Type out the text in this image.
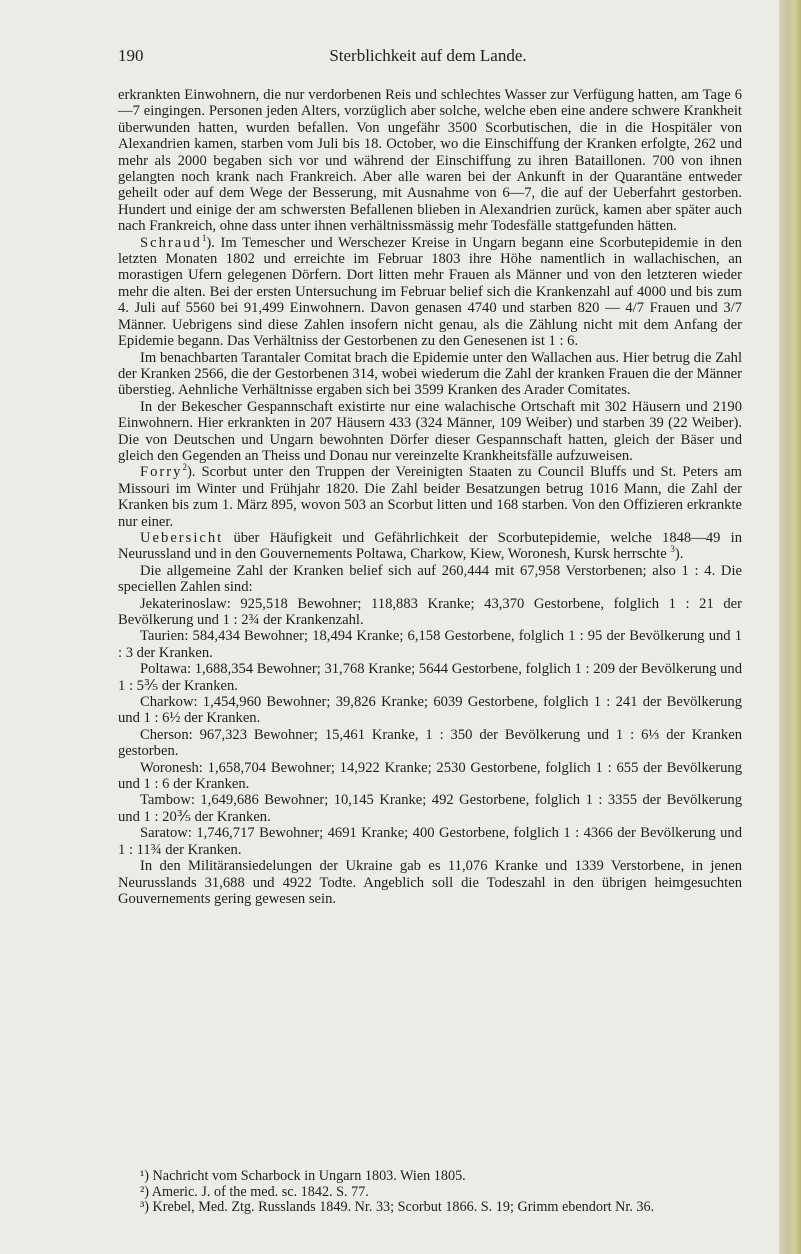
190	Sterblichkeit auf dem Lande.

erkrankten Einwohnern, die nur verdorbenen Reis und schlechtes Wasser zur Verfügung hatten, am Tage 6—7 eingingen. Personen jeden Alters, vorzüglich aber solche, welche eben eine andere schwere Krankheit überwunden hatten, wurden befallen. Von ungefähr 3500 Scorbutischen, die in die Hospitäler von Alexandrien kamen, starben vom Juli bis 18. October, wo die Einschiffung der Kranken erfolgte, 262 und mehr als 2000 begaben sich vor und während der Einschiffung zu ihren Bataillonen. 700 von ihnen gelangten noch krank nach Frankreich. Aber alle waren bei der Ankunft in der Quarantäne entweder geheilt oder auf dem Wege der Besserung, mit Ausnahme von 6—7, die auf der Ueberfahrt gestorben. Hundert und einige der am schwersten Befallenen blieben in Alexandrien zurück, kamen aber später auch nach Frankreich, ohne dass unter ihnen verhältnissmässig mehr Todesfälle stattgefunden hätten.

Schraud$^1$). Im Temescher und Werschezer Kreise in Ungarn begann eine Scorbutepidemie in den letzten Monaten 1802 und erreichte im Februar 1803 ihre Höhe namentlich in wallachischen, an morastigen Ufern gelegenen Dörfern. Dort litten mehr Frauen als Männer und von den letzteren wieder mehr die alten. Bei der ersten Untersuchung im Februar belief sich die Krankenzahl auf 4000 und bis zum 4. Juli auf 5560 bei 91,499 Einwohnern. Davon genasen 4740 und starben 820 — 4/7 Frauen und 3/7 Männer. Uebrigens sind diese Zahlen insofern nicht genau, als die Zählung nicht mit dem Anfang der Epidemie begann. Das Verhältniss der Gestorbenen zu den Genesenen ist 1 : 6.

Im benachbarten Tarantaler Comitat brach die Epidemie unter den Wallachen aus. Hier betrug die Zahl der Kranken 2566, die der Gestorbenen 314, wobei wiederum die Zahl der kranken Frauen die der Männer überstieg. Aehnliche Verhältnisse ergaben sich bei 3599 Kranken des Arader Comitates.

In der Bekescher Gespannschaft existirte nur eine walachische Ortschaft mit 302 Häusern und 2190 Einwohnern. Hier erkrankten in 207 Häusern 433 (324 Männer, 109 Weiber) und starben 39 (22 Weiber). Die von Deutschen und Ungarn bewohnten Dörfer dieser Gespannschaft hatten, gleich der Bäser und gleich den Gegenden an Theiss und Donau nur vereinzelte Krankheitsfälle aufzuweisen.

Forry$^2$). Scorbut unter den Truppen der Vereinigten Staaten zu Council Bluffs und St. Peters am Missouri im Winter und Frühjahr 1820. Die Zahl beider Besatzungen betrug 1016 Mann, die Zahl der Kranken bis zum 1. März 895, wovon 503 an Scorbut litten und 168 starben. Von den Offizieren erkrankte nur einer.

Uebersicht über Häufigkeit und Gefährlichkeit der Scorbutepidemie, welche 1848—49 in Neurussland und in den Gouvernements Poltawa, Charkow, Kiew, Woronesh, Kursk herrschte $^3$).

Die allgemeine Zahl der Kranken belief sich auf 260,444 mit 67,958 Verstorbenen; also 1 : 4. Die speciellen Zahlen sind:

Jekaterinoslaw: 925,518 Bewohner; 118,883 Kranke; 43,370 Gestorbene, folglich 1 : 21 der Bevölkerung und 1 : 2¾ der Krankenzahl.

Taurien: 584,434 Bewohner; 18,494 Kranke; 6,158 Gestorbene, folglich 1 : 95 der Bevölkerung und 1 : 3 der Kranken.

Poltawa: 1,688,354 Bewohner; 31,768 Kranke; 5644 Gestorbene, folglich 1 : 209 der Bevölkerung und 1 : 5⅗ der Kranken.

Charkow: 1,454,960 Bewohner; 39,826 Kranke; 6039 Gestorbene, folglich 1 : 241 der Bevölkerung und 1 : 6½ der Kranken.

Cherson: 967,323 Bewohner; 15,461 Kranke, 1 : 350 der Bevölkerung und 1 : 6⅓ der Kranken gestorben.

Woronesh: 1,658,704 Bewohner; 14,922 Kranke; 2530 Gestorbene, folglich 1 : 655 der Bevölkerung und 1 : 6 der Kranken.

Tambow: 1,649,686 Bewohner; 10,145 Kranke; 492 Gestorbene, folglich 1 : 3355 der Bevölkerung und 1 : 20⅗ der Kranken.

Saratow: 1,746,717 Bewohner; 4691 Kranke; 400 Gestorbene, folglich 1 : 4366 der Bevölkerung und 1 : 11¾ der Kranken.

In den Militäransiedelungen der Ukraine gab es 11,076 Kranke und 1339 Verstorbene, in jenen Neurusslands 31,688 und 4922 Todte. Angeblich soll die Todeszahl in den übrigen heimgesuchten Gouvernements gering gewesen sein.

¹) Nachricht vom Scharbock in Ungarn 1803. Wien 1805.

²) Americ. J. of the med. sc. 1842. S. 77.

³) Krebel, Med. Ztg. Russlands 1849. Nr. 33; Scorbut 1866. S. 19; Grimm ebendort Nr. 36.
